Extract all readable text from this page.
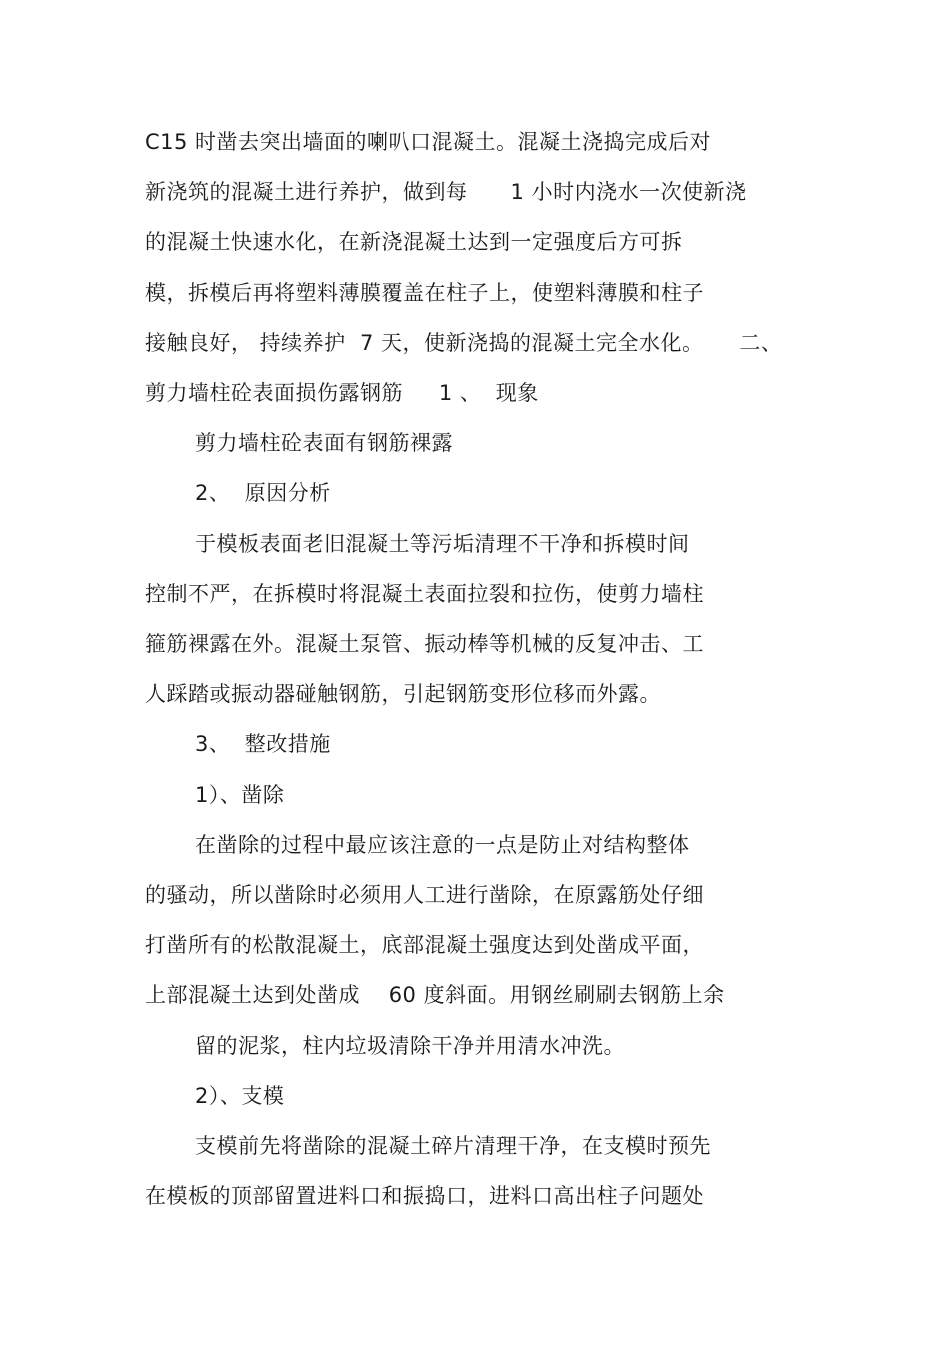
C15 时凿去突出墙面的喇叭口混凝土。混凝土浇捣完成后对
新浇筑的混凝土进行养护，做到每      1 小时内浇水一次使新浇
的混凝土快速水化，在新浇混凝土达到一定强度后方可拆
模，拆模后再将塑料薄膜覆盖在柱子上，使塑料薄膜和柱子
接触良好， 持续养护  7 天，使新浇捣的混凝土完全水化。     二、
剪力墙柱砼表面损伤露钢筋     1 、  现象
剪力墙柱砼表面有钢筋裸露
2、  原因分析
于模板表面老旧混凝土等污垢清理不干净和拆模时间
控制不严，在拆模时将混凝土表面拉裂和拉伤，使剪力墙柱
箍筋裸露在外。混凝土泵管、振动棒等机械的反复冲击、工
人踩踏或振动器碰触钢筋，引起钢筋变形位移而外露。
3、  整改措施
1）、凿除
在凿除的过程中最应该注意的一点是防止对结构整体
的骚动，所以凿除时必须用人工进行凿除，在原露筋处仔细
打凿所有的松散混凝土，底部混凝土强度达到处凿成平面，
上部混凝土达到处凿成    60 度斜面。用钢丝刷刷去钢筋上余
留的泥浆，柱内垃圾清除干净并用清水冲洗。
2）、支模
支模前先将凿除的混凝土碎片清理干净，在支模时预先
在模板的顶部留置进料口和振捣口，进料口高出柱子问题处
